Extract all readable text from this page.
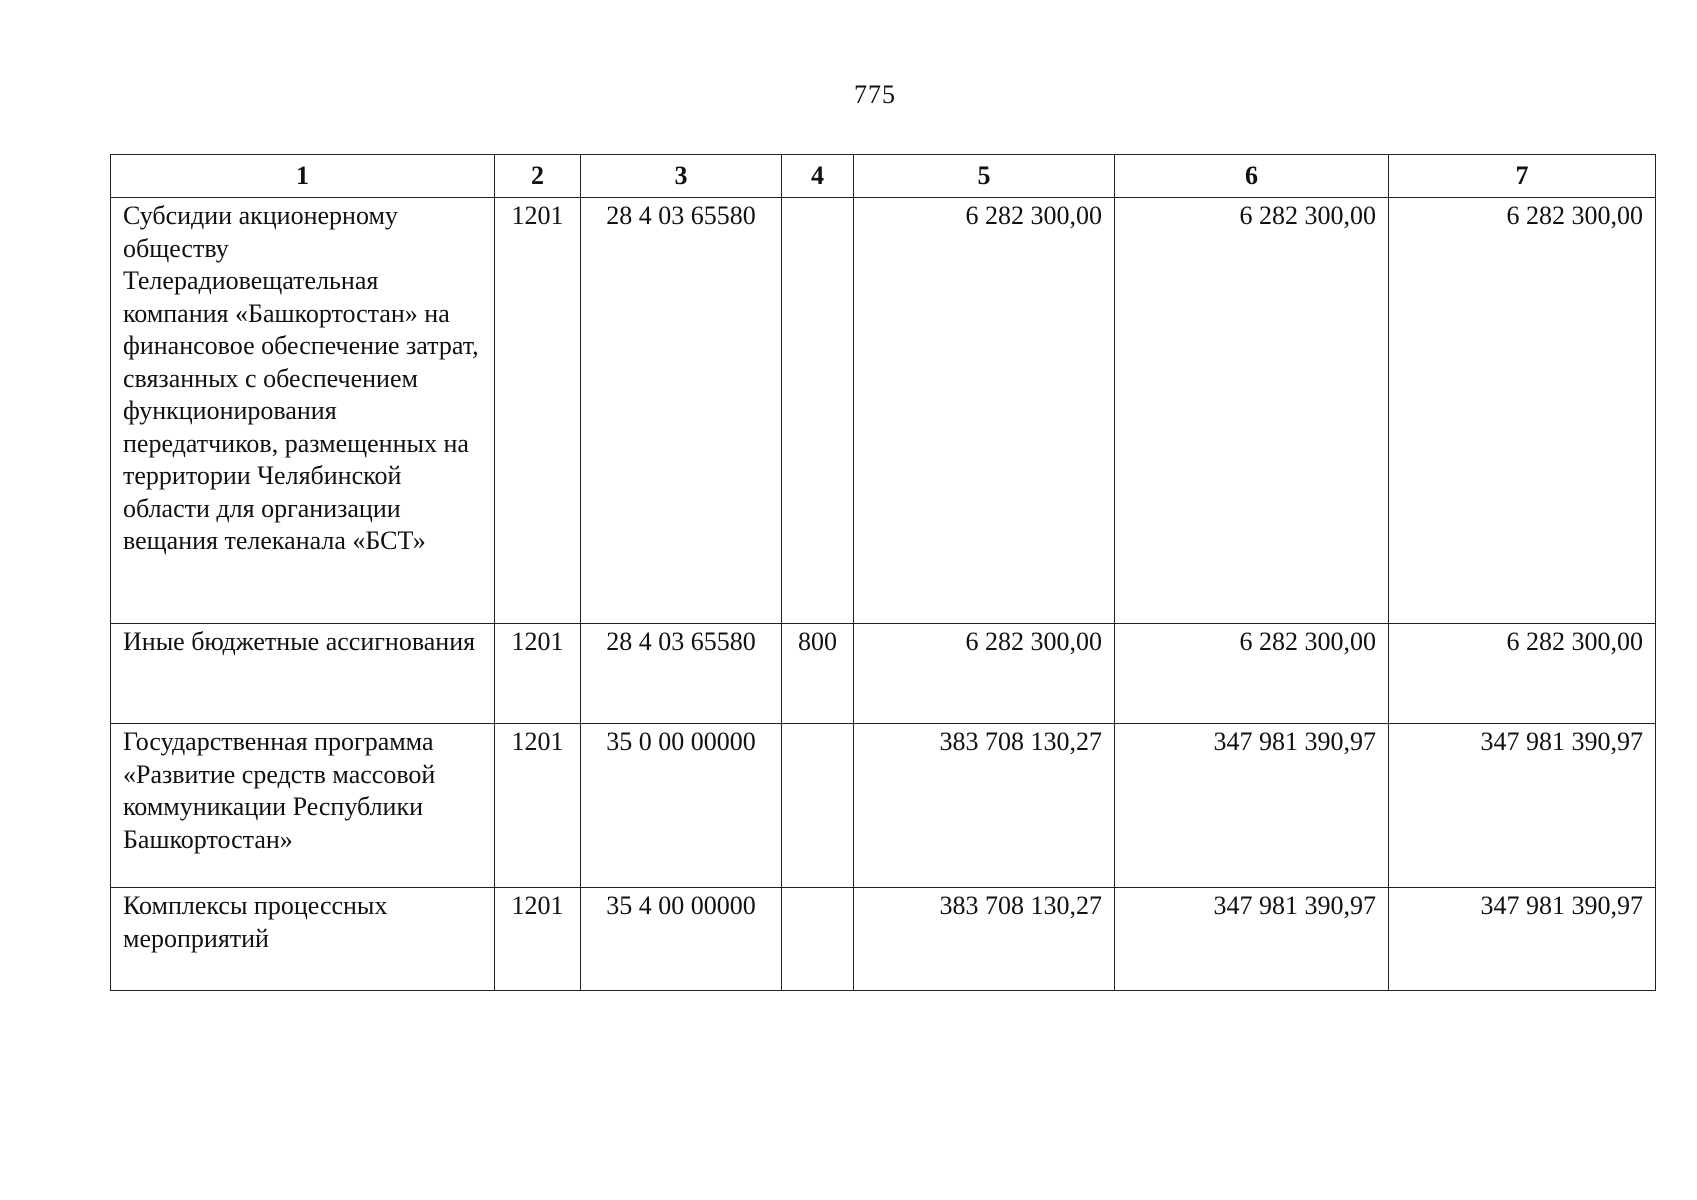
775
1	2	3	4	5	6	7
Субсидии акционерному обществу Телерадиовещательная компания «Башкортостан» на финансовое обеспечение затрат, связанных с обеспечением функционирования передатчиков, размещенных на территории Челябинской области для организации вещания телеканала «БСТ»	1201	28 4 03 65580		6 282 300,00	6 282 300,00	6 282 300,00
Иные бюджетные ассигнования	1201	28 4 03 65580	800	6 282 300,00	6 282 300,00	6 282 300,00
Государственная программа «Развитие средств массовой коммуникации Республики Башкортостан»	1201	35 0 00 00000		383 708 130,27	347 981 390,97	347 981 390,97
Комплексы процессных мероприятий	1201	35 4 00 00000		383 708 130,27	347 981 390,97	347 981 390,97
